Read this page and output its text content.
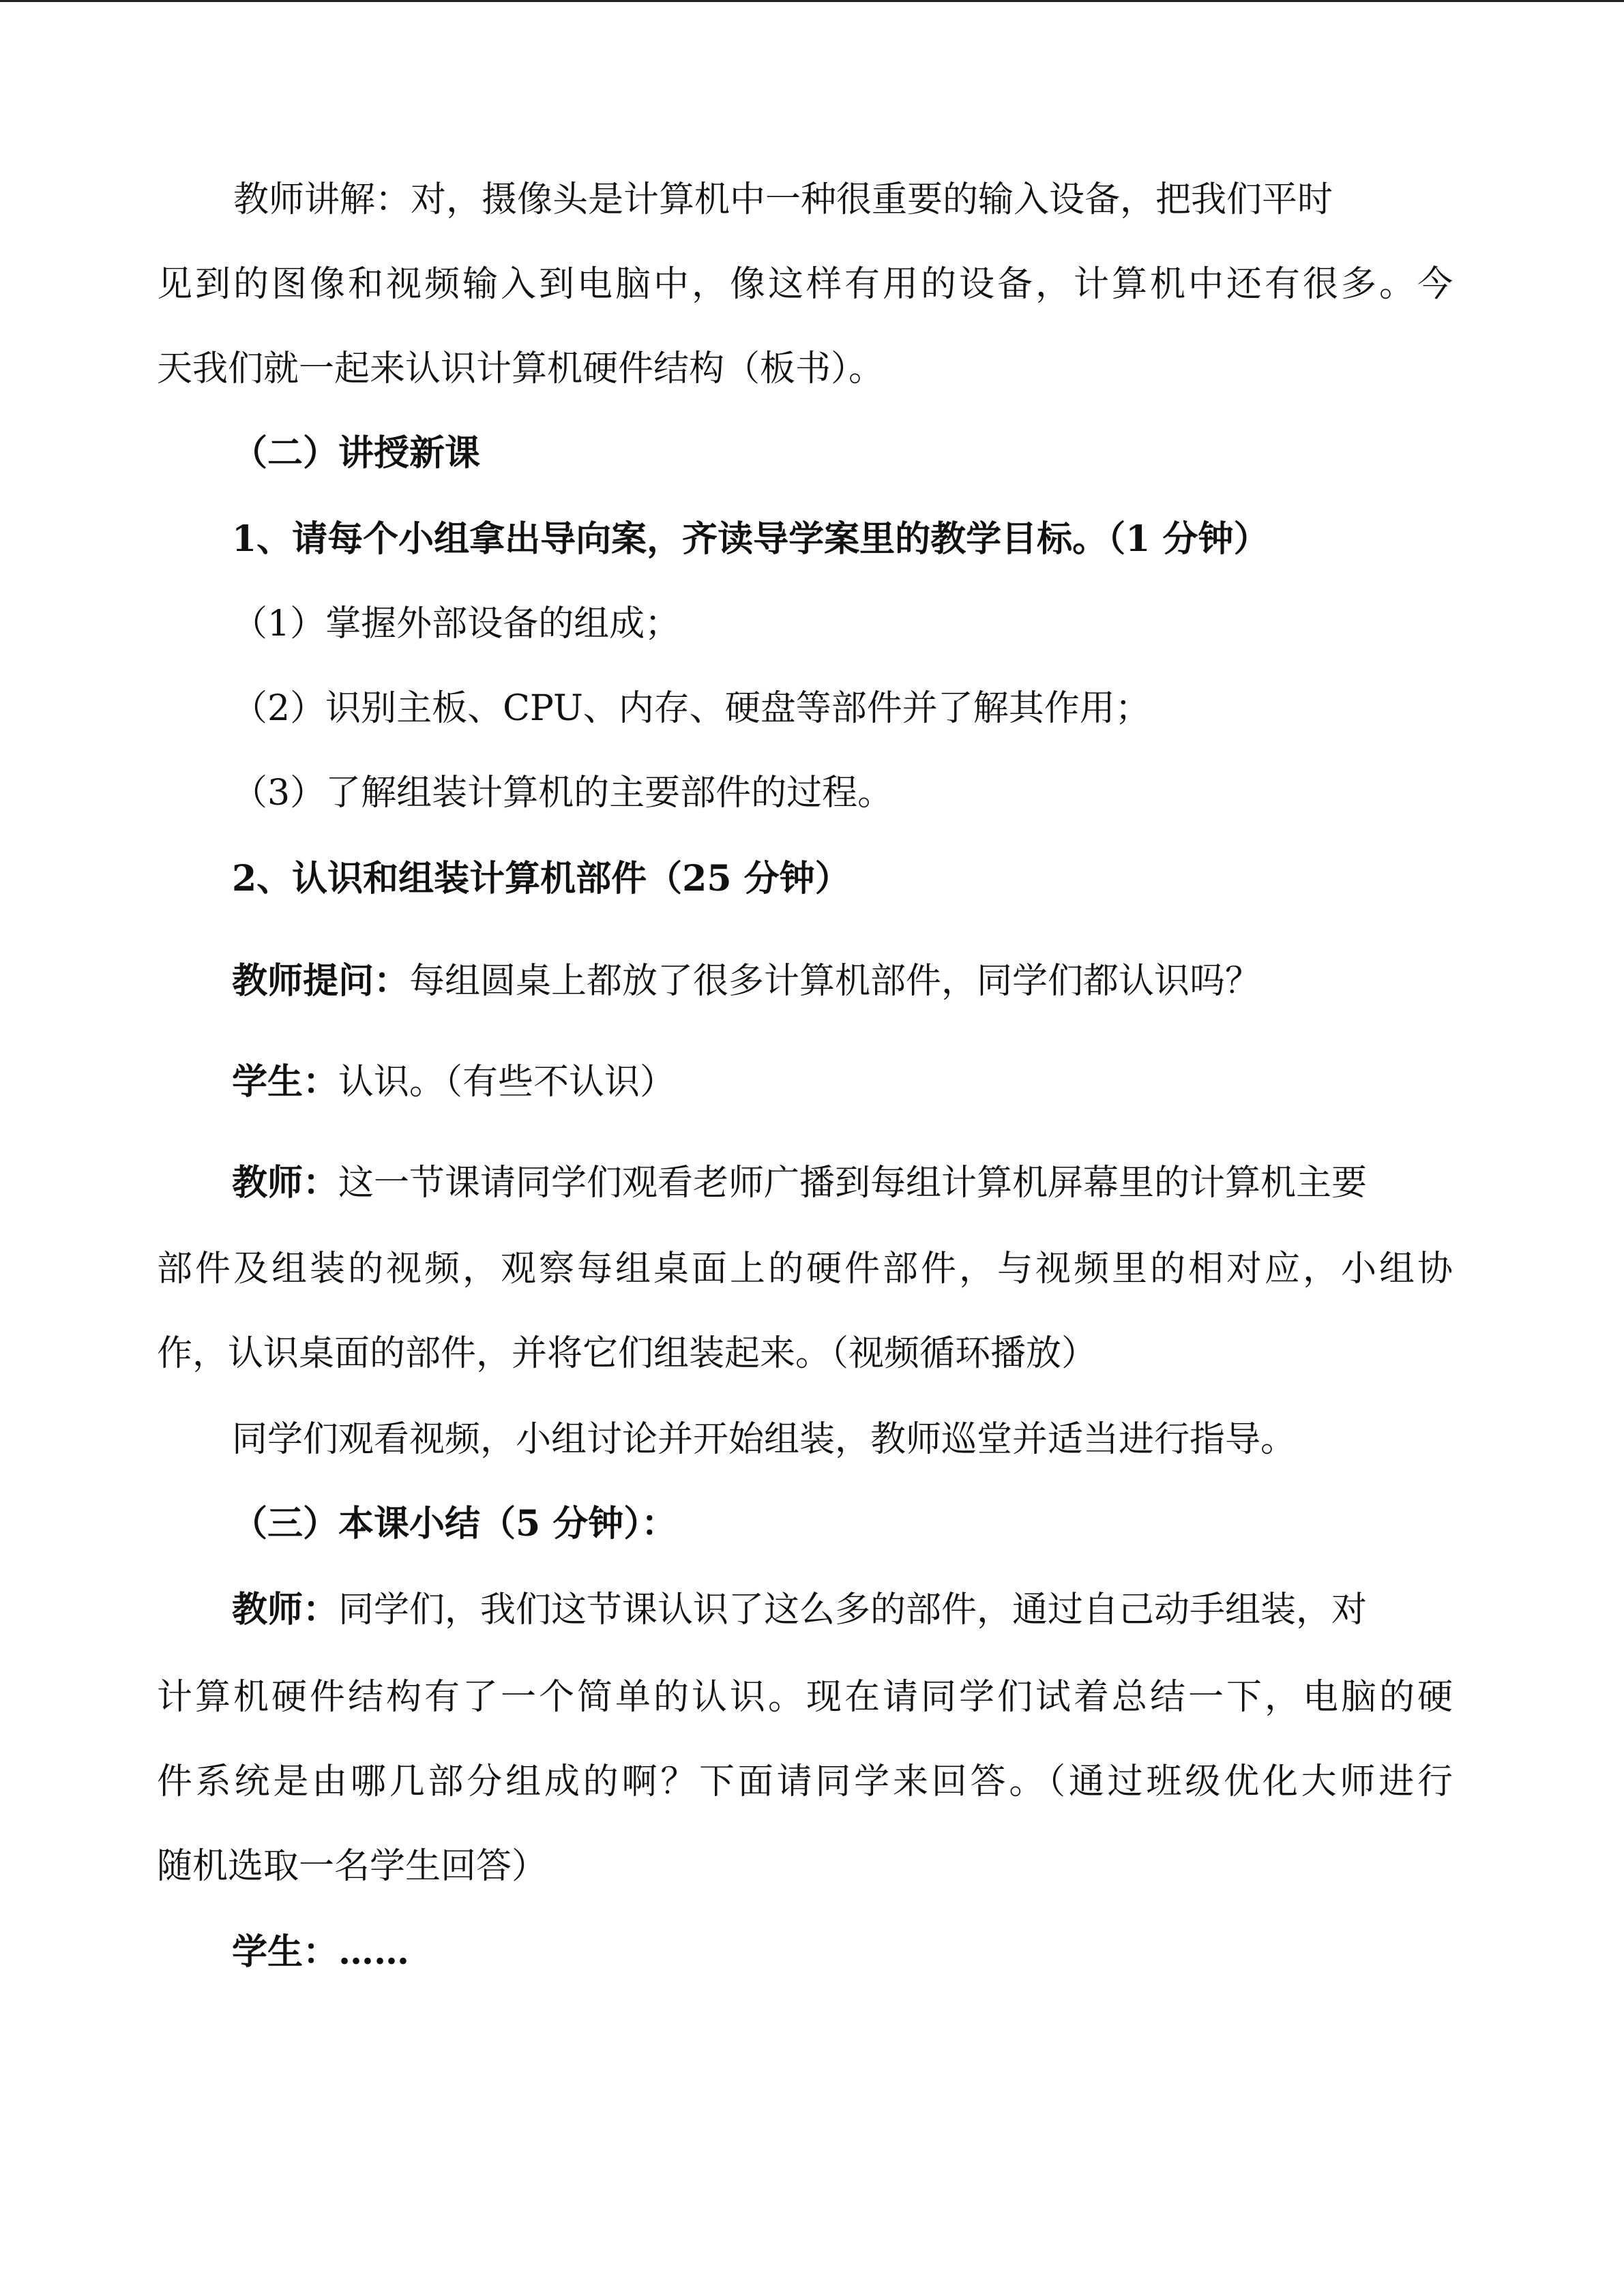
教师讲解：对，摄像头是计算机中一种很重要的输入设备，把我们平时
见到的图像和视频输入到电脑中，像这样有用的设备，计算机中还有很多。今
天我们就一起来认识计算机硬件结构（板书）。
（二）讲授新课
1、请每个小组拿出导向案，齐读导学案里的教学目标。（1 分钟）
（1）掌握外部设备的组成；
（2）识别主板、CPU、内存、硬盘等部件并了解其作用；
（3）了解组装计算机的主要部件的过程。
2、认识和组装计算机部件（25 分钟）
教师提问：每组圆桌上都放了很多计算机部件，同学们都认识吗？
学生：认识。（有些不认识）
教师：这一节课请同学们观看老师广播到每组计算机屏幕里的计算机主要
部件及组装的视频，观察每组桌面上的硬件部件，与视频里的相对应，小组协
作，认识桌面的部件，并将它们组装起来。（视频循环播放）
同学们观看视频，小组讨论并开始组装，教师巡堂并适当进行指导。
（三）本课小结（5 分钟）：
教师：同学们，我们这节课认识了这么多的部件，通过自己动手组装，对
计算机硬件结构有了一个简单的认识。现在请同学们试着总结一下，电脑的硬
件系统是由哪几部分组成的啊？下面请同学来回答。（通过班级优化大师进行
随机选取一名学生回答）
学生：……
